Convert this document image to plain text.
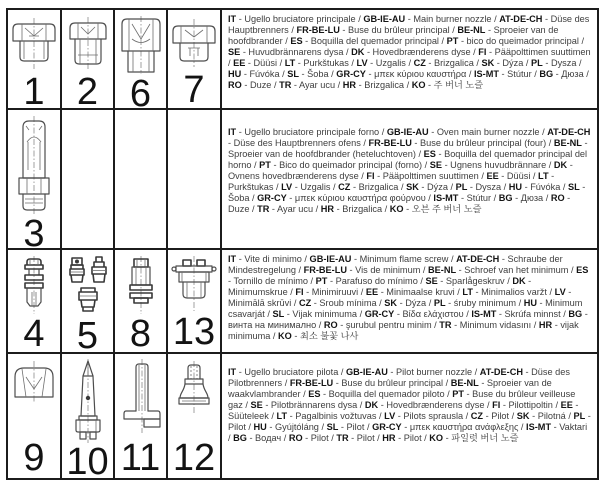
1 2 6 7
IT - Ugello bruciatore principale / GB-IE-AU - Main burner nozzle / AT-DE-CH - Düse des Hauptbrenners / FR-BE-LU - Buse du brûleur principal / BE-NL - Sproeier van de hoofdbrander / ES - Boquilla del quemador principal / PT - bico do queimador principal / SE - Huvudbrännarens dysa / DK - Hovedbrænderens dyse / FI - Pääpolttimen suuttimen / EE - Düüsi / LT - Purkštukas / LV - Uzgalis / CZ - Brizgalica / SK - Dýza / PL - Dysza / HU - Fúvóka / SL - Šoba / GR-CY - μπεκ κύριου καυστήρα / IS-MT - Stútur / BG - Дюза / RO - Duze / TR - Ayar ucu / HR - Brizgalica / KO - 주 버너 노즐
3
IT - Ugello bruciatore principale forno / GB-IE-AU - Oven main burner nozzle / AT-DE-CH - Düse des Hauptbrenners ofens / FR-BE-LU - Buse du brûleur principal (four) / BE-NL - Sproeier van de hoofdbrander (heteluchtoven) / ES - Boquilla del quemador principal del horno / PT - Bico do queimador principal (forno) / SE - Ugnens huvudbrännare / DK - Ovnens hovedbrænderens dyse / FI - Pääpolttimen suuttimen / EE - Düüsi / LT - Purkštukas / LV - Uzgalis / CZ - Brizgalica / SK - Dýza / PL - Dysza / HU - Fúvóka / SL - Šoba / GR-CY - μπεκ κύριου καυστήρα φούρνου / IS-MT - Stútur / BG - Дюза / RO - Duze / TR - Ayar ucu / HR - Brizgalica / KO - 오븐 주 버너 노즐
4 5 8 13
IT - Vite di minimo / GB-IE-AU - Minimum flame screw / AT-DE-CH - Schraube der Mindestregelung / FR-BE-LU - Vis de minimum / BE-NL - Schroef van het minimum / ES - Tornillo de mínimo / PT - Parafuso do mínimo / SE - Sparlågeskruv / DK - Minimumskrue / FI - Minimiruuvi / EE - Minimaalse kruvi / LT - Minimalios varžt / LV - Minimālā skrūvi / CZ - Sroub mínima / SK - Dýza / PL - śruby minimum / HU - Minimum csavarját / SL - Vijak minimuma / GR-CY - Βίδα ελάχιστου / IS-MT - Skrúfa minnst / BG - винта на минимално / RO - şurubul pentru minim / TR - Minimum vidasını / HR - vijak minimuma / KO - 최소 불꽃 나사
9 10 11 12
IT - Ugello bruciatore pilota / GB-IE-AU - Pilot burner nozzle / AT-DE-CH - Düse des Pilotbrenners / FR-BE-LU - Buse du brûleur principal / BE-NL - Sproeier van de waakvlambrander / ES - Boquilla del quemador piloto / PT - Buse du brûleur veilleuse gaz / SE - Pilotbrännarens dysa / DK - Hovedbrænderens dyse / FI - Pilottipoltin / EE - Süüteleek / LT - Pagalbinis vožtuvas / LV - Pilots sprausla / CZ - Pilot / SK - Pilotná / PL - Pilot / HU - Gyújtóláng / SL - Pilot / GR-CY - μπεκ καυστήρα ανάφλεξης / IS-MT - Vaktari / BG - Водач / RO - Pilot / TR - Pilot / HR - Pilot / KO - 파일럿 버너 노즐
